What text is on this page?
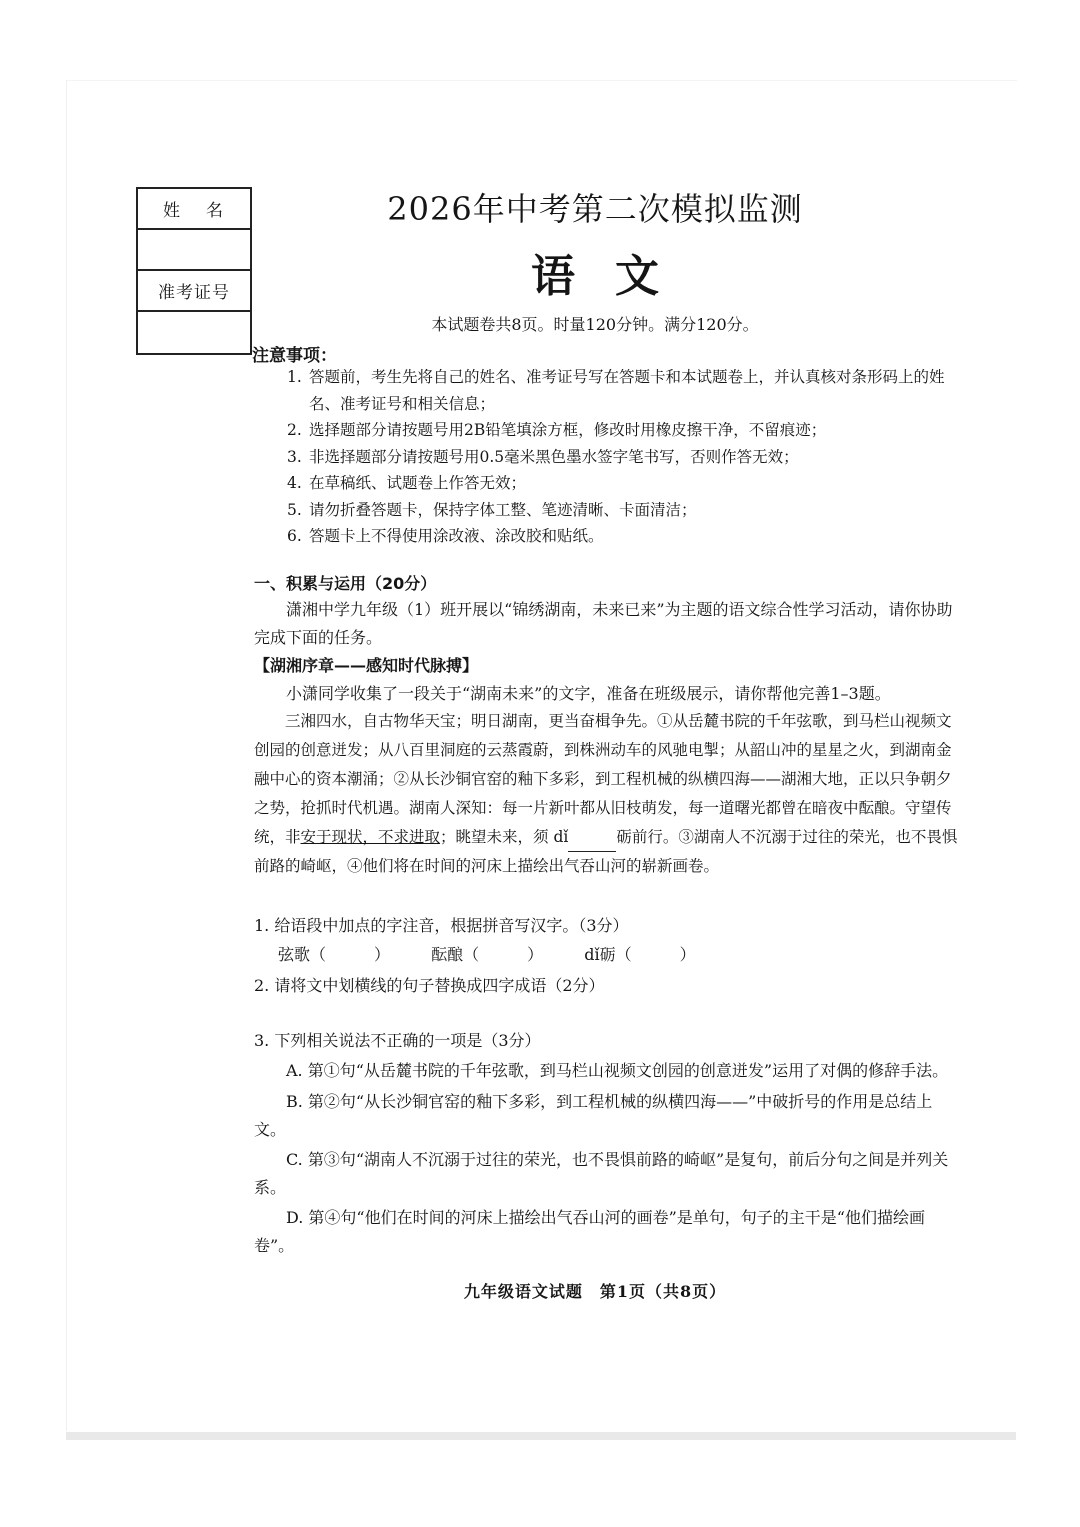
姓名
准考证号
2026年中考第二次模拟监测
语文
本试题卷共8页。时量120分钟。满分120分。
注意事项：
1. 答题前，考生先将自己的姓名、准考证号写在答题卡和本试题卷上，并认真核对条形码上的姓名、准考证号和相关信息；
2. 选择题部分请按题号用2B铅笔填涂方框，修改时用橡皮擦干净，不留痕迹；
3. 非选择题部分请按题号用0.5毫米黑色墨水签字笔书写，否则作答无效；
4. 在草稿纸、试题卷上作答无效；
5. 请勿折叠答题卡，保持字体工整、笔迹清晰、卡面清洁；
6. 答题卡上不得使用涂改液、涂改胶和贴纸。
一、积累与运用（20分）
潇湘中学九年级（1）班开展以“锦绣湖南，未来已来”为主题的语文综合性学习活动，请你协助完成下面的任务。
【湖湘序章——感知时代脉搏】
小潇同学收集了一段关于“湖南未来”的文字，准备在班级展示，请你帮他完善1–3题。
三湘四水，自古物华天宝；明日湖南，更当奋楫争先。①从岳麓书院的千年弦歌，到马栏山视频文创园的创意迸发；从八百里洞庭的云蒸霞蔚，到株洲动车的风驰电掣；从韶山冲的星星之火，到湖南金融中心的资本潮涌；②从长沙铜官窑的釉下多彩，到工程机械的纵横四海——湖湘大地，正以只争朝夕之势，抢抓时代机遇。湖南人深知：每一片新叶都从旧枝萌发，每一道曙光都曾在暗夜中酝酿。守望传统，非安于现状，不求进取；眺望未来，须 dǐ	砺前行。③湖南人不沉溺于过往的荣光，也不畏惧前路的崎岖，④他们将在时间的河床上描绘出气吞山河的崭新画卷。
1. 给语段中加点的字注音，根据拼音写汉字。（3分）
弦歌（　　　）	酝酿（　　　）	dǐ砺（　　　）
2. 请将文中划横线的句子替换成四字成语（2分）
3. 下列相关说法不正确的一项是（3分）
A. 第①句“从岳麓书院的千年弦歌，到马栏山视频文创园的创意迸发”运用了对偶的修辞手法。
B. 第②句“从长沙铜官窑的釉下多彩，到工程机械的纵横四海——”中破折号的作用是总结上文。
C. 第③句“湖南人不沉溺于过往的荣光，也不畏惧前路的崎岖”是复句，前后分句之间是并列关系。
D. 第④句“他们在时间的河床上描绘出气吞山河的画卷”是单句，句子的主干是“他们描绘画卷”。
九年级语文试题　第1页（共8页）
